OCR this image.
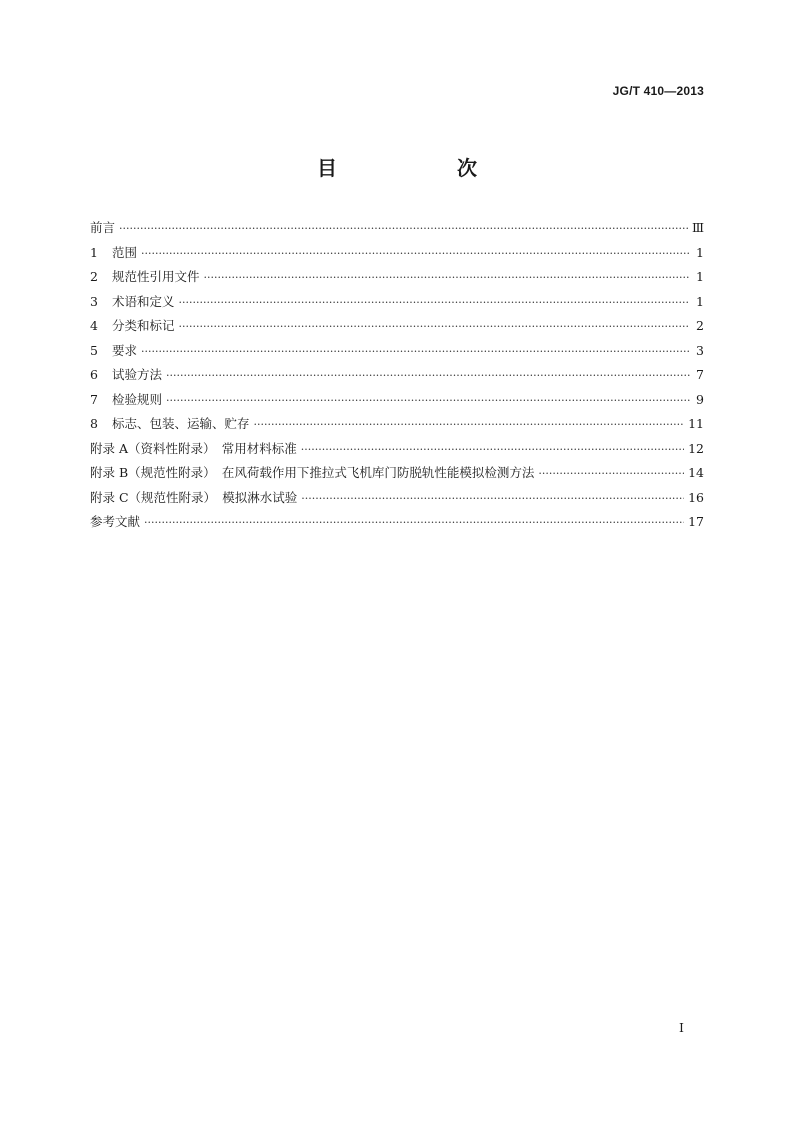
JG/T 410—2013
目　次
前言 ·····	Ⅲ
1	范围 ·····	1
2	规范性引用文件 ·····	1
3	术语和定义 ·····	1
4	分类和标记 ·····	2
5	要求 ·····	3
6	试验方法 ·····	7
7	检验规则 ·····	9
8	标志、包装、运输、贮存 ·····	11
附录 A（资料性附录）　常用材料标准 ·····	12
附录 B（规范性附录）　在风荷载作用下推拉式飞机库门防脱轨性能模拟检测方法 ·····	14
附录 C（规范性附录）　模拟淋水试验 ·····	16
参考文献 ·····	17
I
